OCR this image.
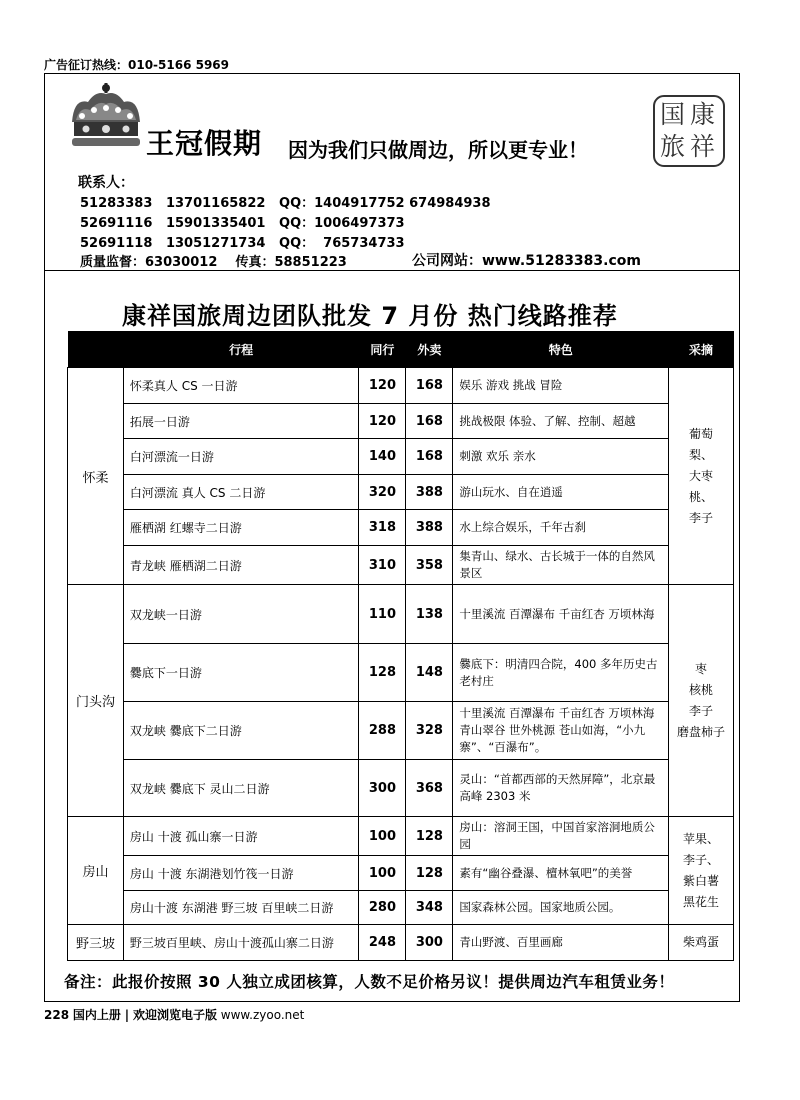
广告征订热线：010-5166 5969
王冠假期 因为我们只做周边，所以更专业！
国 康
旅 祥
联系人：
51283383   13701165822   QQ：1404917752 674984938
52691116   15901335401   QQ：1006497373
52691118   13051271734   QQ：  765734733
质量监督：63030012    传真：58851223	公司网站：www.51283383.com
康祥国旅周边团队批发 7 月份 热门线路推荐
	行程	同行	外卖	特色	采摘
怀柔	怀柔真人 CS 一日游	120	168	娱乐 游戏 挑战 冒险	葡萄
梨、
大枣
桃、
李子

	拓展一日游	120	168	挑战极限 体验、了解、控制、超越	
	白河漂流一日游	140	168	刺激 欢乐 亲水	
	白河漂流 真人 CS 二日游	320	388	游山玩水、自在逍遥	
	雁栖湖 红螺寺二日游	318	388	水上综合娱乐，千年古刹	
	青龙峡 雁栖湖二日游	310	358	集青山、绿水、古长城于一体的自然风景区	
门头沟	双龙峡一日游	110	138	十里溪流 百潭瀑布 千亩红杏 万顷林海	枣
核桃
李子
磨盘柿子

	爨底下一日游	128	148	爨底下：明清四合院，400 多年历史古老村庄	
	双龙峡 爨底下二日游	288	328	十里溪流 百潭瀑布 千亩红杏 万顷林海 青山翠谷 世外桃源 苍山如海，“小九寨”、“百瀑布”。	
	双龙峡 爨底下 灵山二日游	300	368	灵山：“首都西部的天然屏障”，北京最高峰 2303 米	
房山	房山 十渡 孤山寨一日游	100	128	房山：溶洞王国，中国首家溶洞地质公园	苹果、
李子、
紫白薯
黑花生

	房山 十渡 东湖港划竹筏一日游	100	128	素有“幽谷叠瀑、檀林氧吧”的美誉	
	房山十渡 东湖港 野三坡 百里峡二日游	280	348	国家森林公园。国家地质公园。	
野三坡	野三坡百里峡、房山十渡孤山寨二日游	248	300	青山野渡、百里画廊	柴鸡蛋
备注：此报价按照 30 人独立成团核算，人数不足价格另议！提供周边汽车租赁业务！
228 国内上册 | 欢迎浏览电子版 www.zyoo.net
